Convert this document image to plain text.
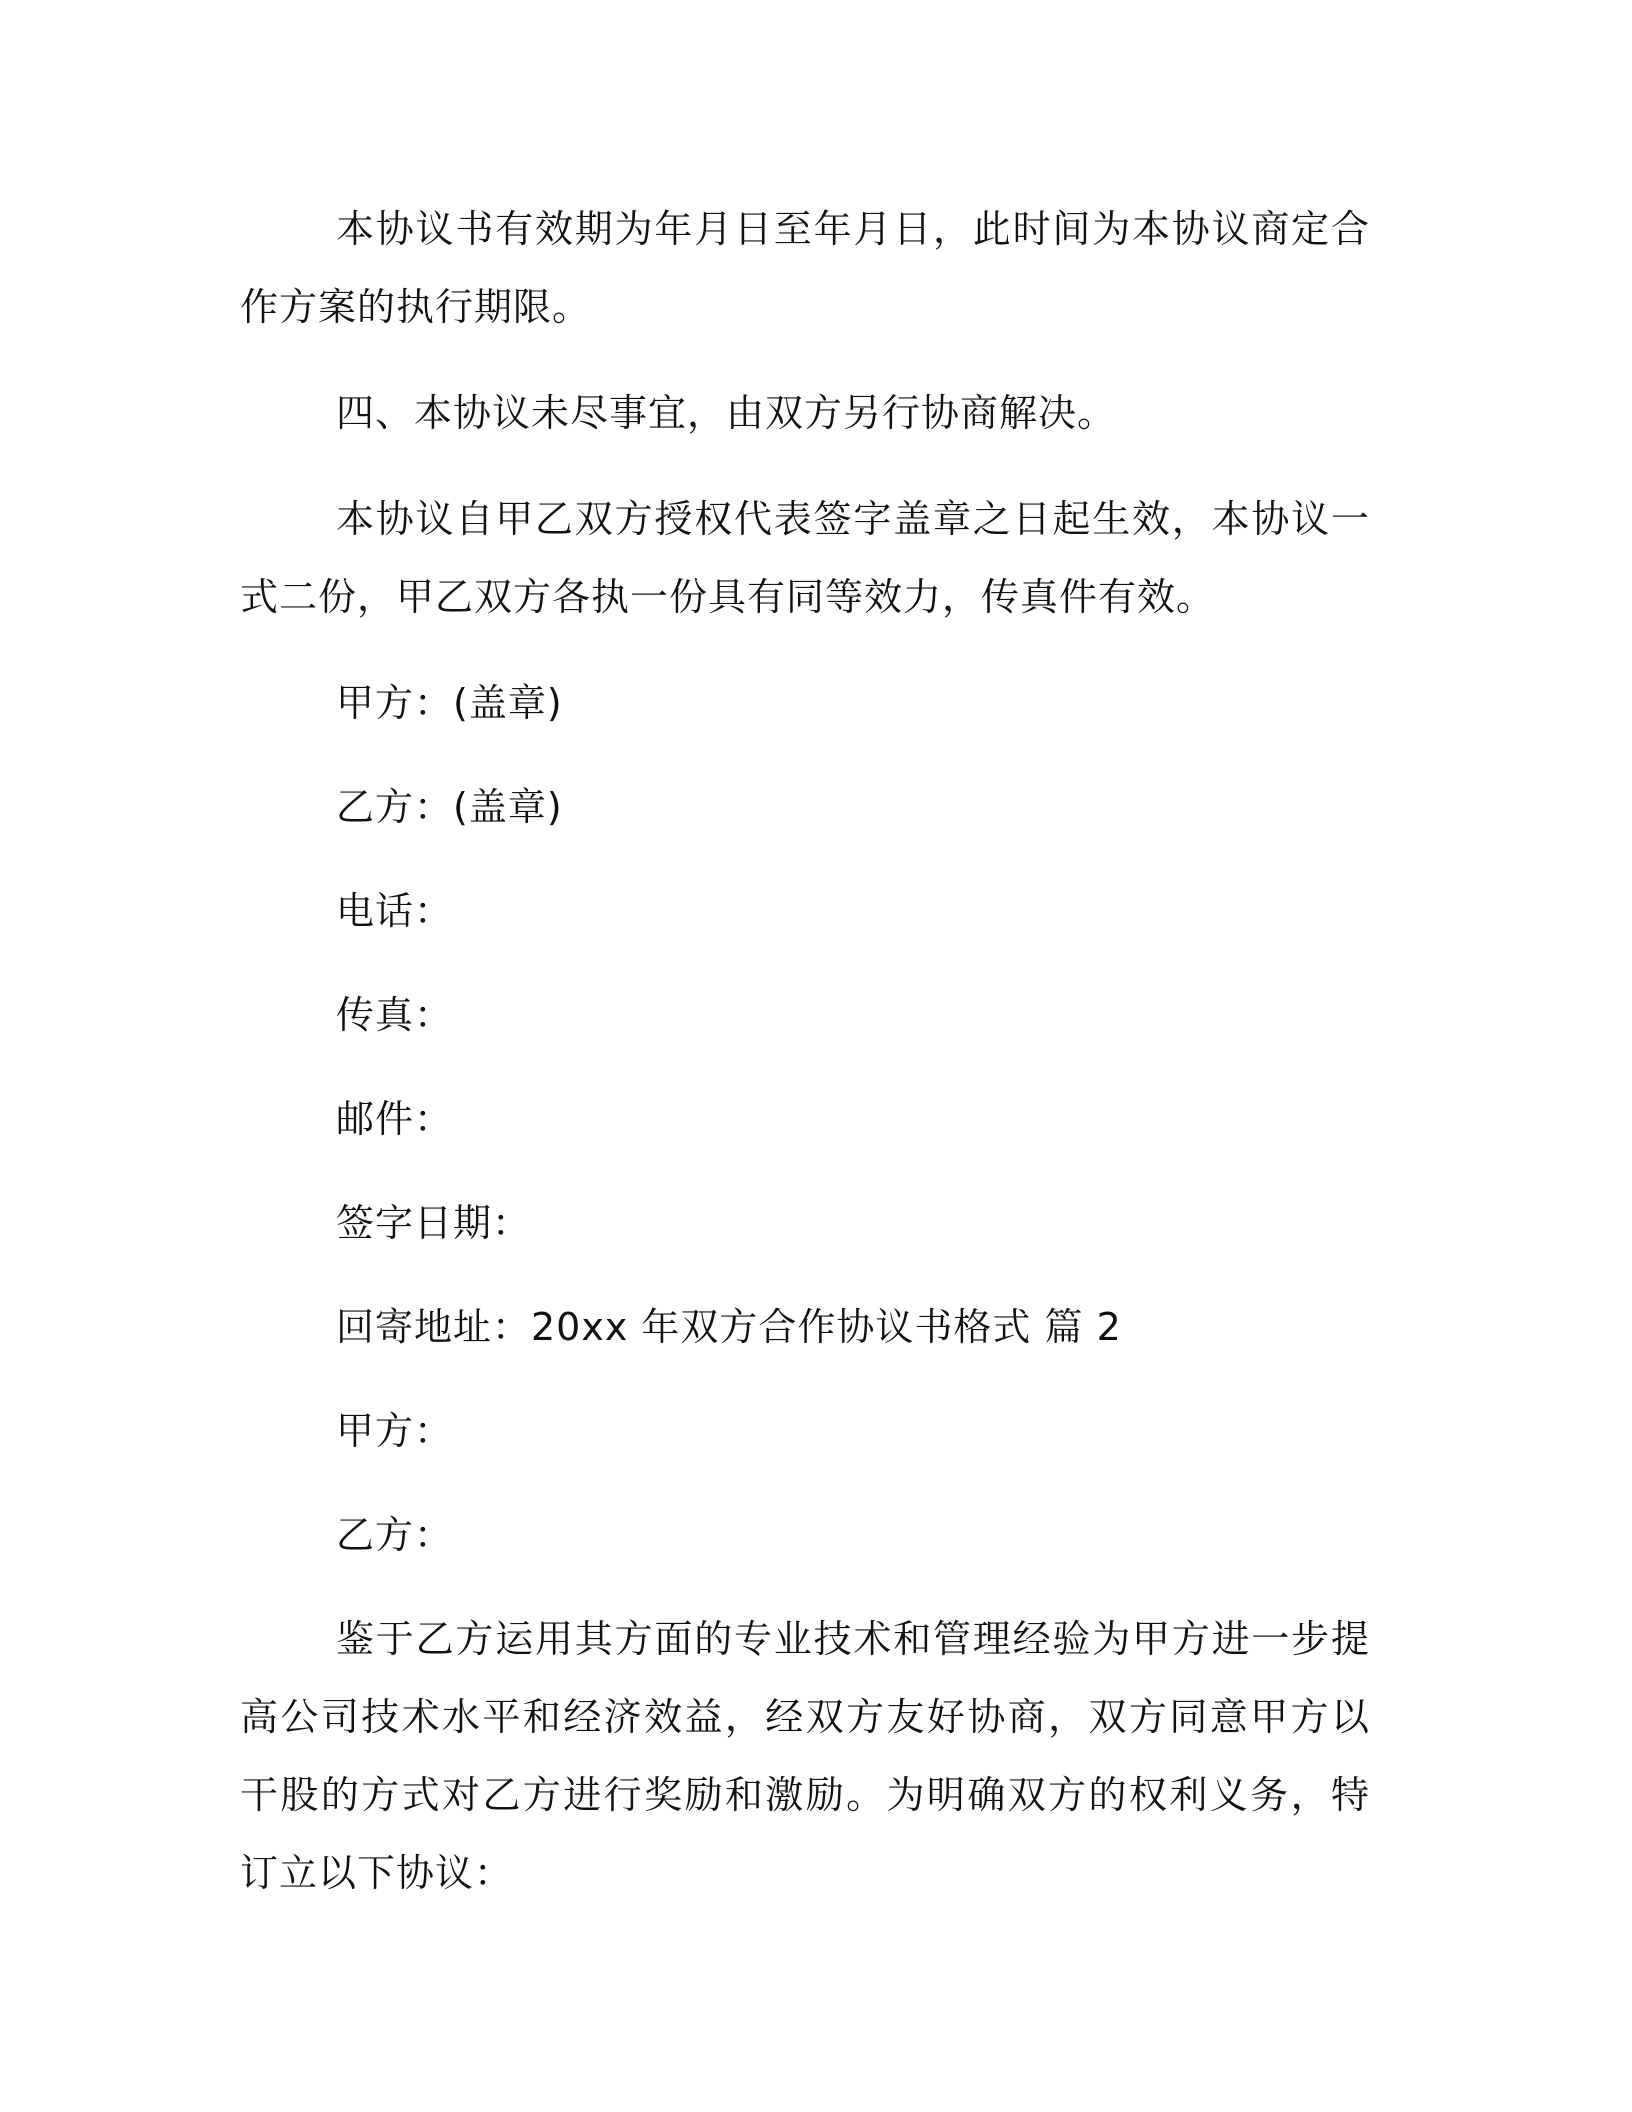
本协议书有效期为年月日至年月日，此时间为本协议商定合作方案的执行期限。

四、本协议未尽事宜，由双方另行协商解决。

本协议自甲乙双方授权代表签字盖章之日起生效，本协议一式二份，甲乙双方各执一份具有同等效力，传真件有效。

甲方：(盖章)
乙方：(盖章)
电话：
传真：
邮件：
签字日期：
回寄地址：20xx 年双方合作协议书格式 篇 2
甲方：
乙方：

鉴于乙方运用其方面的专业技术和管理经验为甲方进一步提高公司技术水平和经济效益，经双方友好协商，双方同意甲方以干股的方式对乙方进行奖励和激励。为明确双方的权利义务，特订立以下协议：
